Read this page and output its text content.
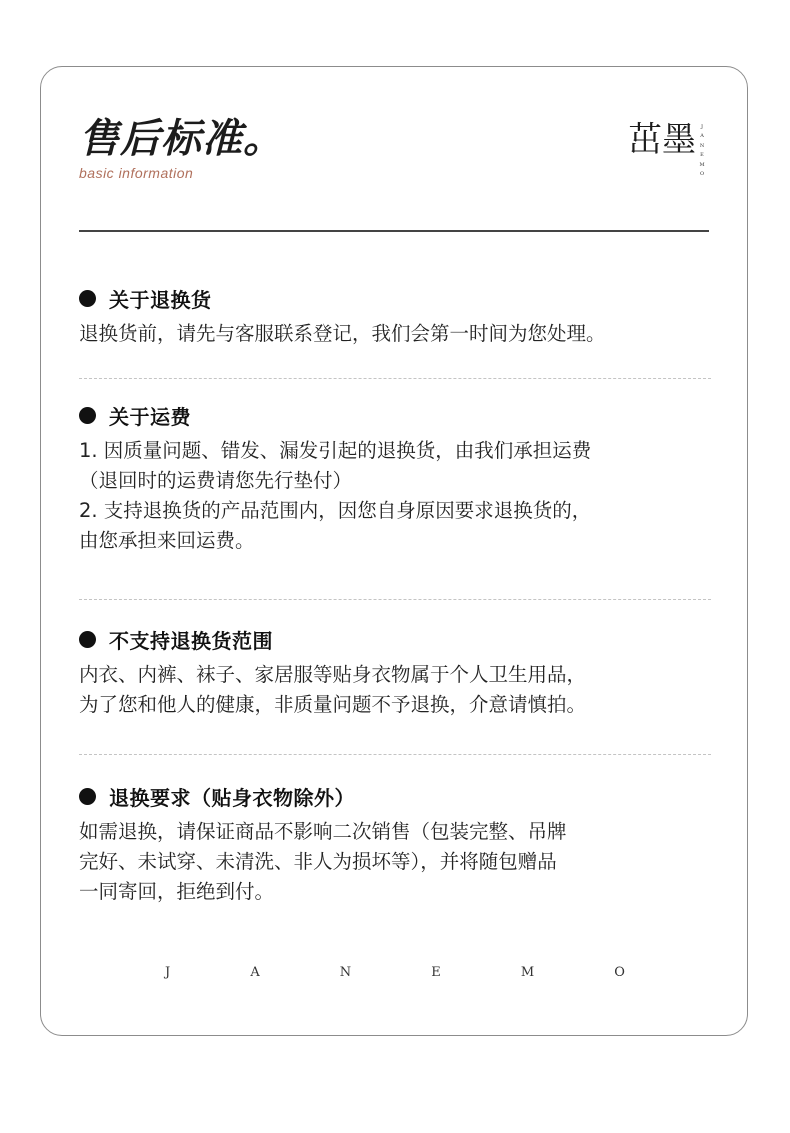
售后标准。
basic information
茁墨 J
A
N
E
M
O
关于退换货
退换货前，请先与客服联系登记，我们会第一时间为您处理。
关于运费
1. 因质量问题、错发、漏发引起的退换货，由我们承担运费
（退回时的运费请您先行垫付）
2. 支持退换货的产品范围内，因您自身原因要求退换货的，
由您承担来回运费。
不支持退换货范围
内衣、内裤、袜子、家居服等贴身衣物属于个人卫生用品，
为了您和他人的健康，非质量问题不予退换，介意请慎拍。
退换要求（贴身衣物除外）
如需退换，请保证商品不影响二次销售（包装完整、吊牌
完好、未试穿、未清洗、非人为损坏等），并将随包赠品
一同寄回，拒绝到付。
J	A	N	E	M	O
